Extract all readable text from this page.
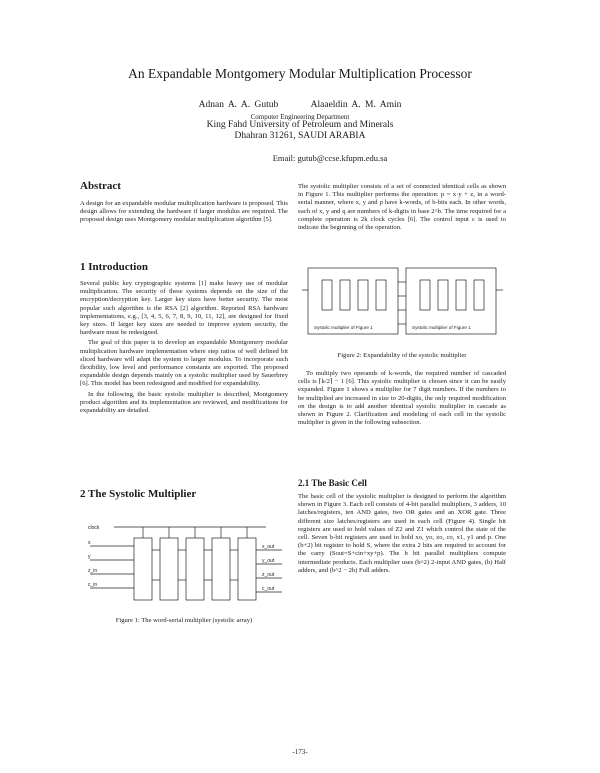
An Expandable Montgomery Modular Multiplication Processor
Adnan A. A. Gutub	Alaaeldin A. M. Amin
Computer Engineering Department
King Fahd University of Petroleum and Minerals
Dhahran 31261, SAUDI ARABIA
Email: gutub@ccse.kfupm.edu.sa
Abstract
A design for an expandable modular multiplication hardware is proposed. This design allows for extending the hardware if larger modulus are required. The proposed design uses Montgomery modular multiplication algorithm [5].
1 Introduction

Several public key cryptographic systems [1] make heavy use of modular multiplication. The security of these systems depends on the size of the encryption/decryption key. Larger key sizes have better security. The most popular such algorithm is the RSA [2] algorithm. Reported RSA hardware implementations, e.g., [3, 4, 5, 6, 7, 8, 9, 10, 11, 12], are designed for fixed key sizes. If larger key sizes are needed to improve system security, the hardware must be redesigned.

The goal of this paper is to develop an expandable Montgomery modular multiplication hardware implementation where step ratios of well defined bit sliced hardware will adapt the system to larger modulus. To incorporate such flexibility, low level and performance constants are exported. The proposed expandable design depends mainly on a systolic multiplier used by Sauerbrey [6]. This model has been redesigned and modified for expandability.

In the following, the basic systolic multiplier is described, Montgomery product algorithm and its implementation are reviewed, and modifications for expandability are detailed.

2 The Systolic Multiplier
clock
x
y
z_in
c_in
x_out
y_out
z_out
c_out
Figure 1: The word-serial multiplier (systolic array)
The systolic multiplier consists of a set of connected identical cells as shown in Figure 1. This multiplier performs the operation: p = x·y + z, in a word-serial manner, where x, y and p have k-words, of b-bits each. In other words, each of x, y and q are numbers of k-digits in base 2^b. The time required for a complete operation is 2k clock cycles [6]. The control input c is used to indicate the beginning of the operation.
Systolic multiplier of Figure 1	Systolic multiplier of Figure 1
Figure 2: Expandability of the systolic multiplier
To multiply two operands of k-words, the required number of cascaded cells is ⌈k/2⌉ − 1 [6]. This systolic multiplier is chosen since it can be easily expanded. Figure 1 shows a multiplier for 7 digit numbers. If the numbers to be multiplied are increased in size to 20-digits, the only required modification on the design is to add another identical systolic multiplier in cascade as shown in Figure 2. Clarification and modeling of each cell in the systolic multiplier is given in the following subsection.
2.1 The Basic Cell
The basic cell of the systolic multiplier is designed to perform the algorithm shown in Figure 3. Each cell consists of 4-bit parallel multipliers, 3 adders, 10 latches/registers, ten AND gates, two OR gates and an XOR gate. Three different size latches/registers are used in each cell (Figure 4). Single bit registers are used to hold values of Z2 and Z1 which control the state of the cell. Seven b-bit registers are used to hold xo, yo, zo, co, x1, y1 and p. One (b+2) bit register to hold S, where the extra 2 bits are required to account for the carry (Sout=S+cin+xy+p). The b bit parallel multipliers compute intermediate products. Each multiplier uses (b^2) 2-input AND gates, (b) Half adders, and (b^2 − 2b) Full adders.
-173-
